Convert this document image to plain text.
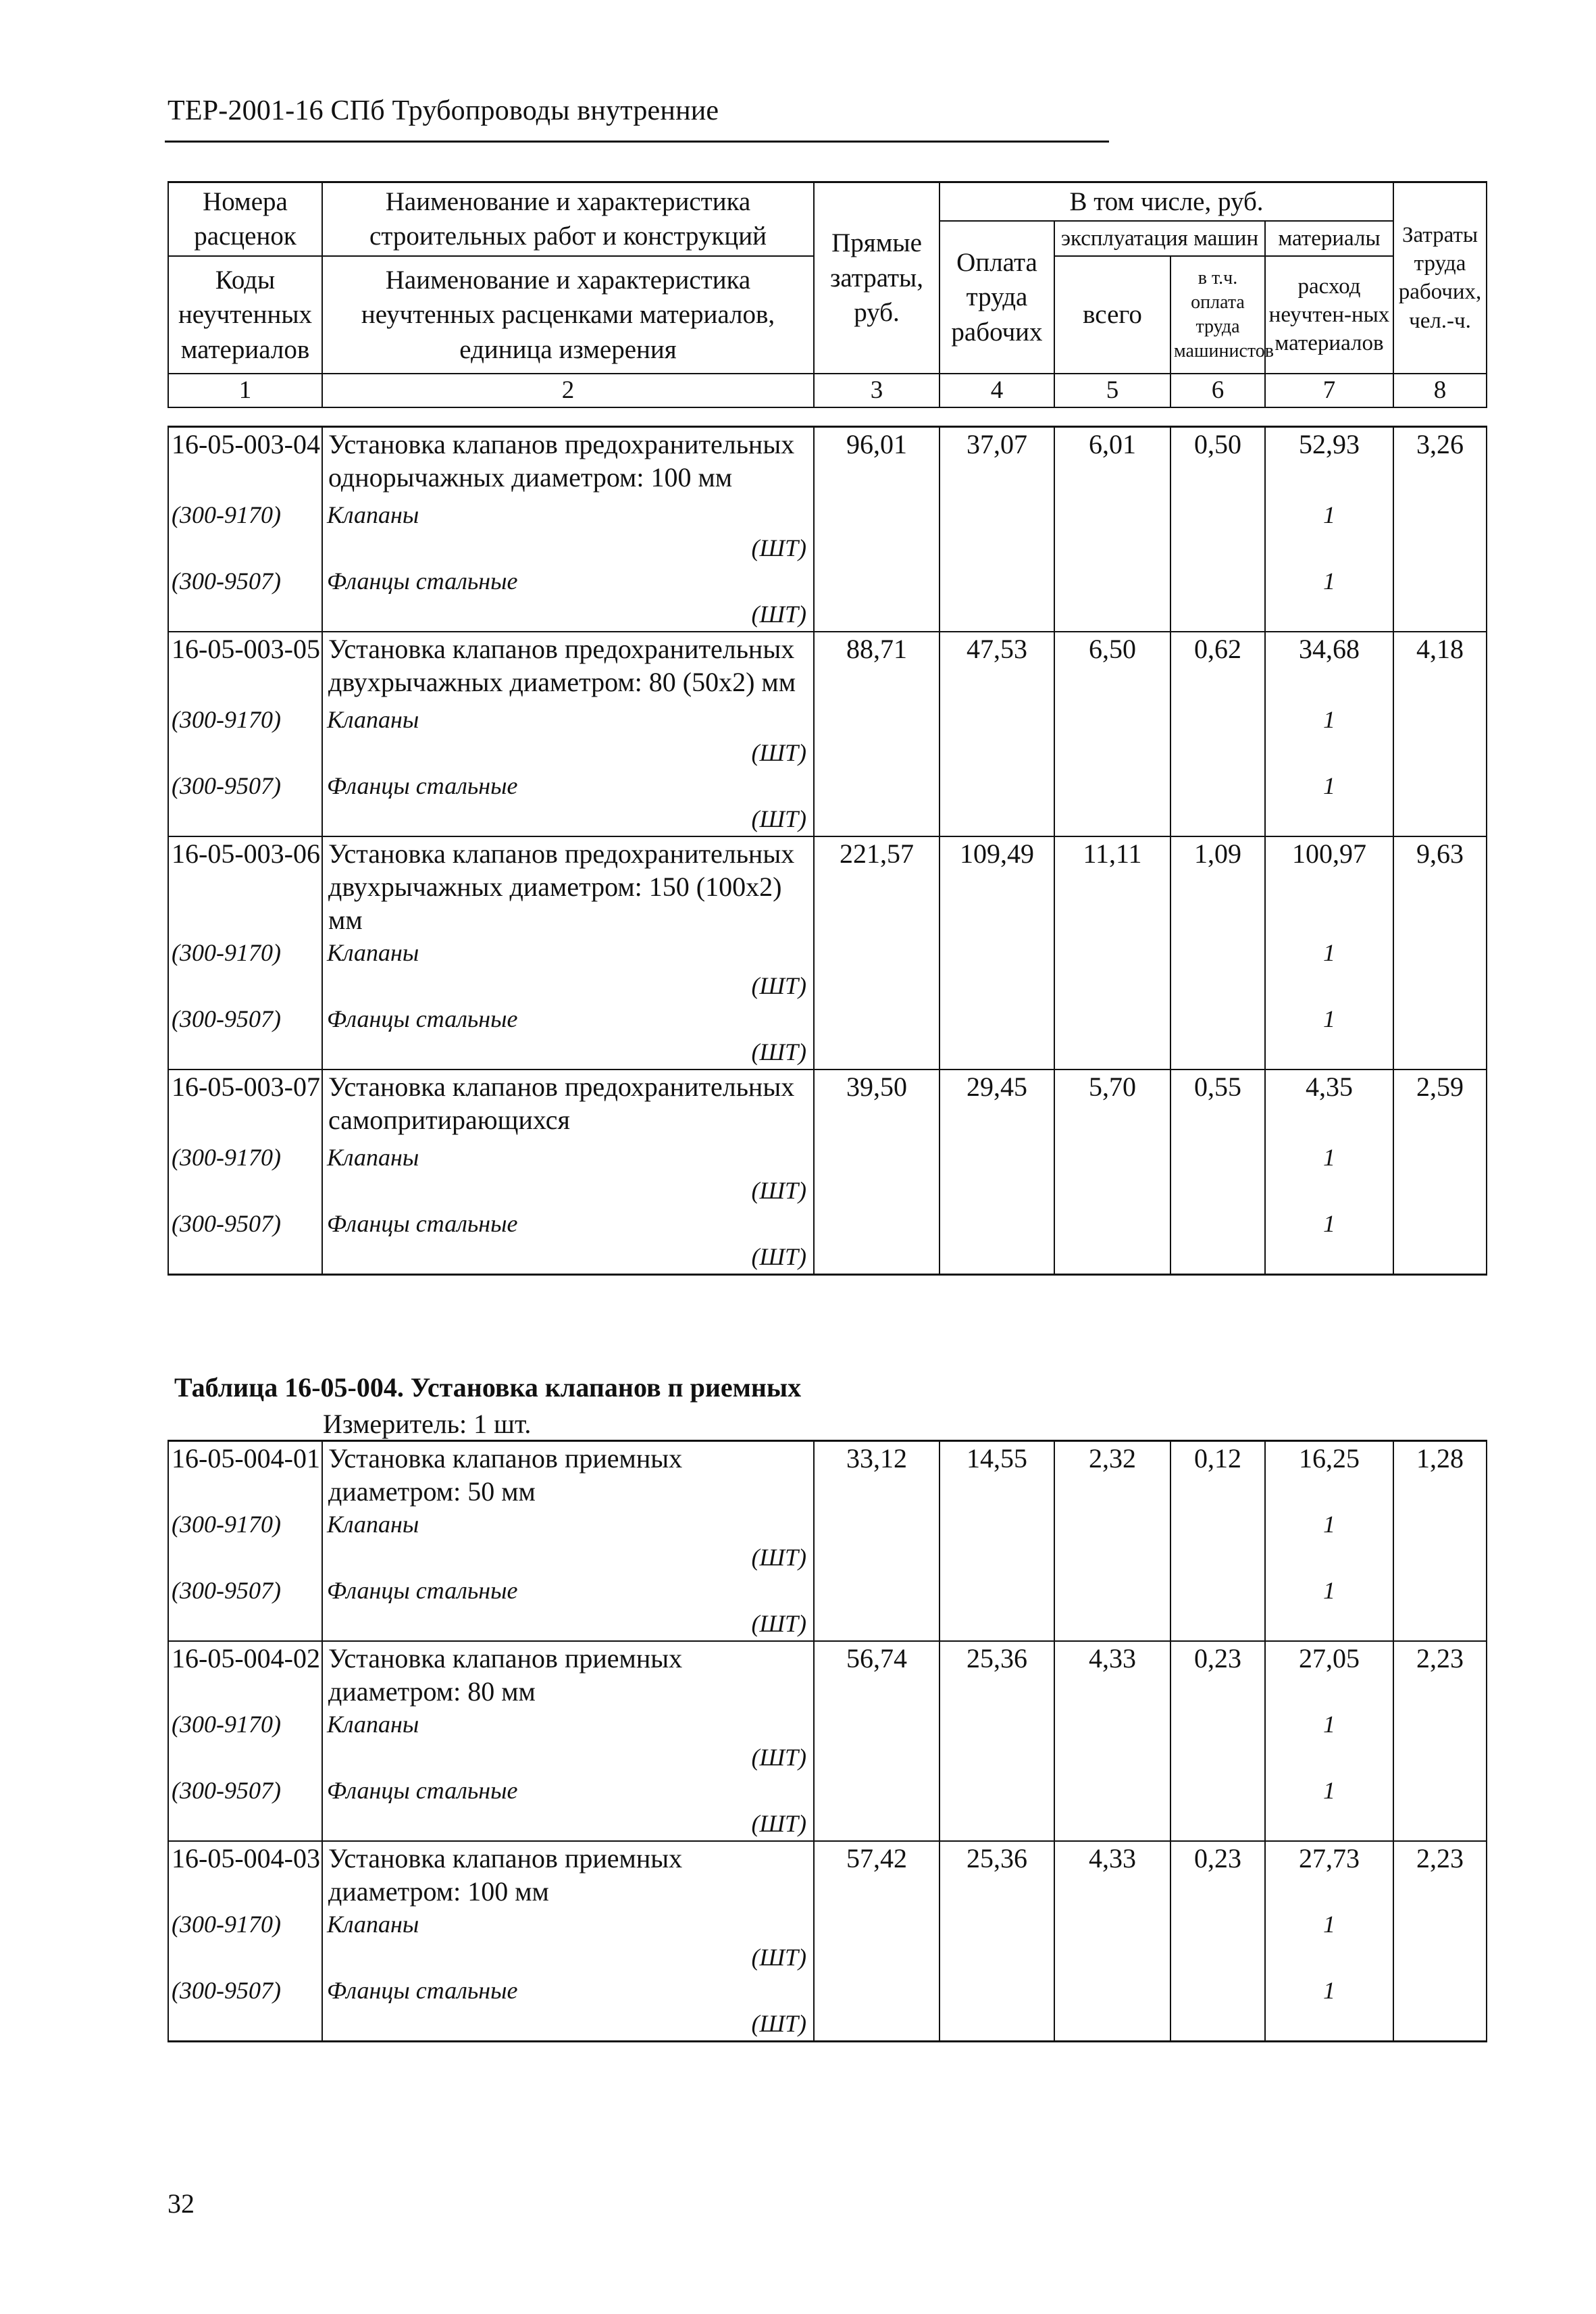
ТЕР-2001-16 СПб Трубопроводы внутренние
Номера расценок	Наименование и характеристика строительных работ и конструкций	Прямые затраты, руб.	В том числе, руб.				Затраты труда рабочих, чел.-ч.
			Оплата труда рабочих	эксплуатация машин		материалы	
Коды неучтенных материалов	Наименование и характеристика неучтенных расценками материалов, единица измерения			всего	в т.ч. оплата труда машинистов	расход неучтен-ных материалов	

1	2	3	4	5	6	7	8
16-05-003-04	Установка клапанов предохранительных однорычажных диаметром: 100 мм	96,01	37,07	6,01	0,50	52,93	3,26
(300-9170)	Клапаны					1	
	(ШТ)						
(300-9507)	Фланцы стальные					1	
	(ШТ)						
16-05-003-05	Установка клапанов предохранительных двухрычажных диаметром: 80 (50х2) мм	88,71	47,53	6,50	0,62	34,68	4,18
(300-9170)	Клапаны					1	
	(ШТ)						
(300-9507)	Фланцы стальные					1	
	(ШТ)						
16-05-003-06	Установка клапанов предохранительных двухрычажных диаметром: 150 (100х2) мм	221,57	109,49	11,11	1,09	100,97	9,63
(300-9170)	Клапаны					1	
	(ШТ)						
(300-9507)	Фланцы стальные					1	
	(ШТ)						
16-05-003-07	Установка клапанов предохранительных самопритирающихся	39,50	29,45	5,70	0,55	4,35	2,59
(300-9170)	Клапаны					1	
	(ШТ)						
(300-9507)	Фланцы стальные					1	
	(ШТ)						
Таблица 16-05-004. Установка клапанов п риемных
Измеритель: 1 шт.
16-05-004-01	Установка клапанов приемных диаметром: 50 мм	33,12	14,55	2,32	0,12	16,25	1,28
(300-9170)	Клапаны					1	
	(ШТ)						
(300-9507)	Фланцы стальные					1	
	(ШТ)						
16-05-004-02	Установка клапанов приемных диаметром: 80 мм	56,74	25,36	4,33	0,23	27,05	2,23
(300-9170)	Клапаны					1	
	(ШТ)						
(300-9507)	Фланцы стальные					1	
	(ШТ)						
16-05-004-03	Установка клапанов приемных диаметром: 100 мм	57,42	25,36	4,33	0,23	27,73	2,23
(300-9170)	Клапаны					1	
	(ШТ)						
(300-9507)	Фланцы стальные					1	
	(ШТ)						
32
